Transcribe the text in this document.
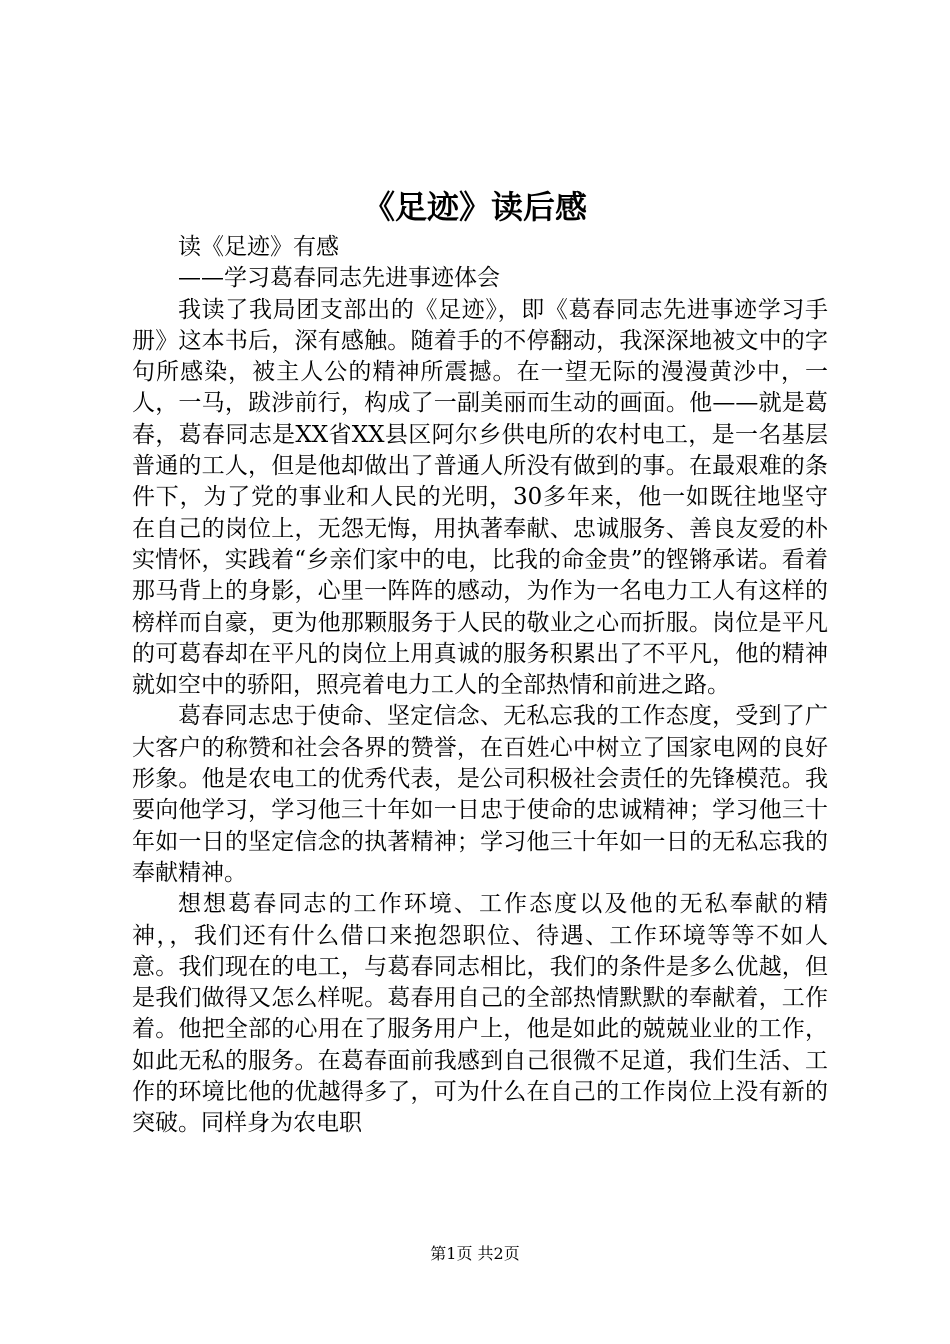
《足迹》读后感
读《足迹》有感
——学习葛春同志先进事迹体会

我读了我局团支部出的《足迹》，即《葛春同志先进事迹学习手册》这本书后，深有感触。随着手的不停翻动，我深深地被文中的字句所感染，被主人公的精神所震撼。在一望无际的漫漫黄沙中，一人，一马，跋涉前行，构成了一副美丽而生动的画面。他——就是葛春，葛春同志是XX省XX县区阿尔乡供电所的农村电工，是一名基层普通的工人，但是他却做出了普通人所没有做到的事。在最艰难的条件下，为了党的事业和人民的光明，30多年来，他一如既往地坚守在自己的岗位上，无怨无悔，用执著奉献、忠诚服务、善良友爱的朴实情怀，实践着“乡亲们家中的电，比我的命金贵”的铿锵承诺。看着那马背上的身影，心里一阵阵的感动，为作为一名电力工人有这样的榜样而自豪，更为他那颗服务于人民的敬业之心而折服。岗位是平凡的可葛春却在平凡的岗位上用真诚的服务积累出了不平凡，他的精神就如空中的骄阳，照亮着电力工人的全部热情和前进之路。

葛春同志忠于使命、坚定信念、无私忘我的工作态度，受到了广大客户的称赞和社会各界的赞誉，在百姓心中树立了国家电网的良好形象。他是农电工的优秀代表，是公司积极社会责任的先锋模范。我要向他学习，学习他三十年如一日忠于使命的忠诚精神；学习他三十年如一日的坚定信念的执著精神；学习他三十年如一日的无私忘我的奉献精神。

想想葛春同志的工作环境、工作态度以及他的无私奉献的精神，，我们还有什么借口来抱怨职位、待遇、工作环境等等不如人意。我们现在的电工，与葛春同志相比，我们的条件是多么优越，但是我们做得又怎么样呢。葛春用自己的全部热情默默的奉献着，工作着。他把全部的心用在了服务用户上，他是如此的兢兢业业的工作，如此无私的服务。在葛春面前我感到自己很微不足道，我们生活、工作的环境比他的优越得多了，可为什么在自己的工作岗位上没有新的突破。同样身为农电职

第1页 共2页
